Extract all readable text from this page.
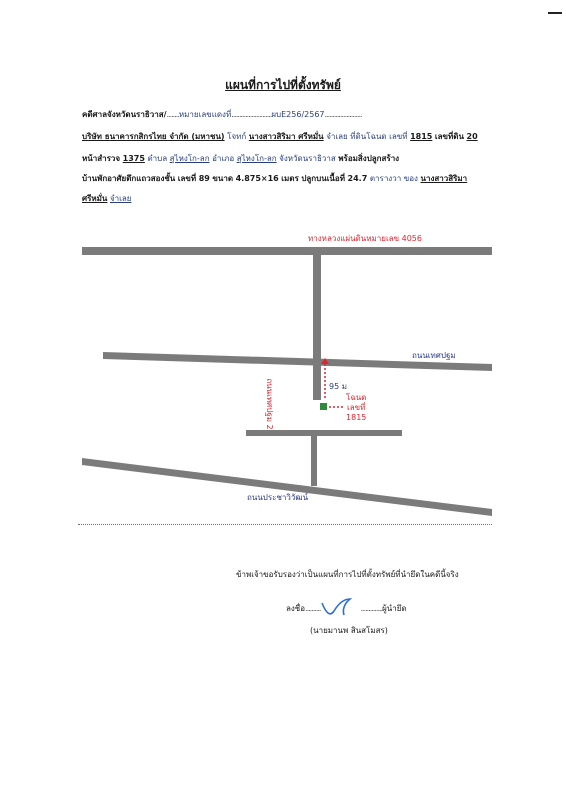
แผนที่การไปที่ตั้งทรัพย์
คดีศาลจังหวัดนราธิวาส/........หมายเลขแดงที่..........................ผบE256/2567........................
บริษัท ธนาคารกสิกรไทย จำกัด (มหาชน) โจทก์ นางสาวสิริมา ศรีหมั่น จำเลย ที่ดินโฉนด เลขที่ 1815 เลขที่ดิน 20
หน้าสำรวจ 1375 ตำบล สุไหงโก-ลก อำเภอ สุไหงโก-ลก จังหวัดนราธิวาส พร้อมสิ่งปลูกสร้าง
บ้านพักอาศัยตึกแถวสองชั้น เลขที่ 89 ขนาด 4.875×16 เมตร ปลูกบนเนื้อที่ 24.7 ตารางวา ของ นางสาวสิริมา
ศรีหมั่น จำเลย
ทางหลวงแผ่นดินหมายเลข 4056
ถนนเทศปฐม
ถนนเทศปฐม 2	95 ม
โฉนด
เลขที่
1815
ถนนประชาวิวัฒน์
ข้าพเจ้าขอรับรองว่าเป็นแผนที่การไปที่ตั้งทรัพย์ที่นำยึดในคดีนี้จริง
ลงชื่อ..........	..............ผู้นำยึด
(นายมานพ สินสโมสร)
